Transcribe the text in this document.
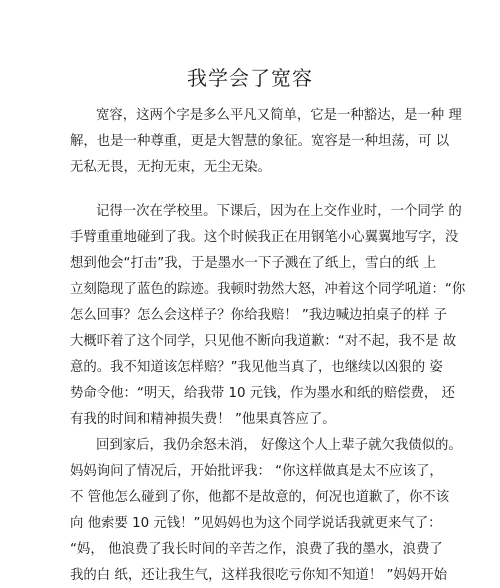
我学会了宽容
宽容，这两个字是多么平凡又简单，它是一种豁达，是一种 理
解，也是一种尊重，更是大智慧的象征。宽容是一种坦荡，可 以
无私无畏，无拘无束，无尘无染。
记得一次在学校里。下课后，因为在上交作业时，一个同学 的
手臂重重地碰到了我。这个时候我正在用钢笔小心翼翼地写字，没
想到他会“打击”我，于是墨水一下子溅在了纸上，雪白的纸 上
立刻隐现了蓝色的踪迹。我顿时勃然大怒，冲着这个同学吼道：“你
怎么回事？怎么会这样子？你给我赔！ ”我边喊边拍桌子的样 子
大概吓着了这个同学，只见他不断向我道歉：“对不起，我不是 故
意的。我不知道该怎样赔？”我见他当真了，也继续以凶狠的 姿
势命令他：“明天，给我带 10 元钱，作为墨水和纸的赔偿费， 还
有我的时间和精神损失费！ ”他果真答应了。
回到家后，我仍余怒未消， 好像这个人上辈子就欠我债似的。
妈妈询问了情况后，开始批评我： “你这样做真是太不应该了，
不 管他怎么碰到了你，他都不是故意的，何况也道歉了，你不该
向 他索要 10 元钱！”见妈妈也为这个同学说话我就更来气了：
“妈， 他浪费了我长时间的辛苦之作，浪费了我的墨水，浪费了
我的白 纸，还让我生气，这样我很吃亏你知不知道！ ”妈妈开始
